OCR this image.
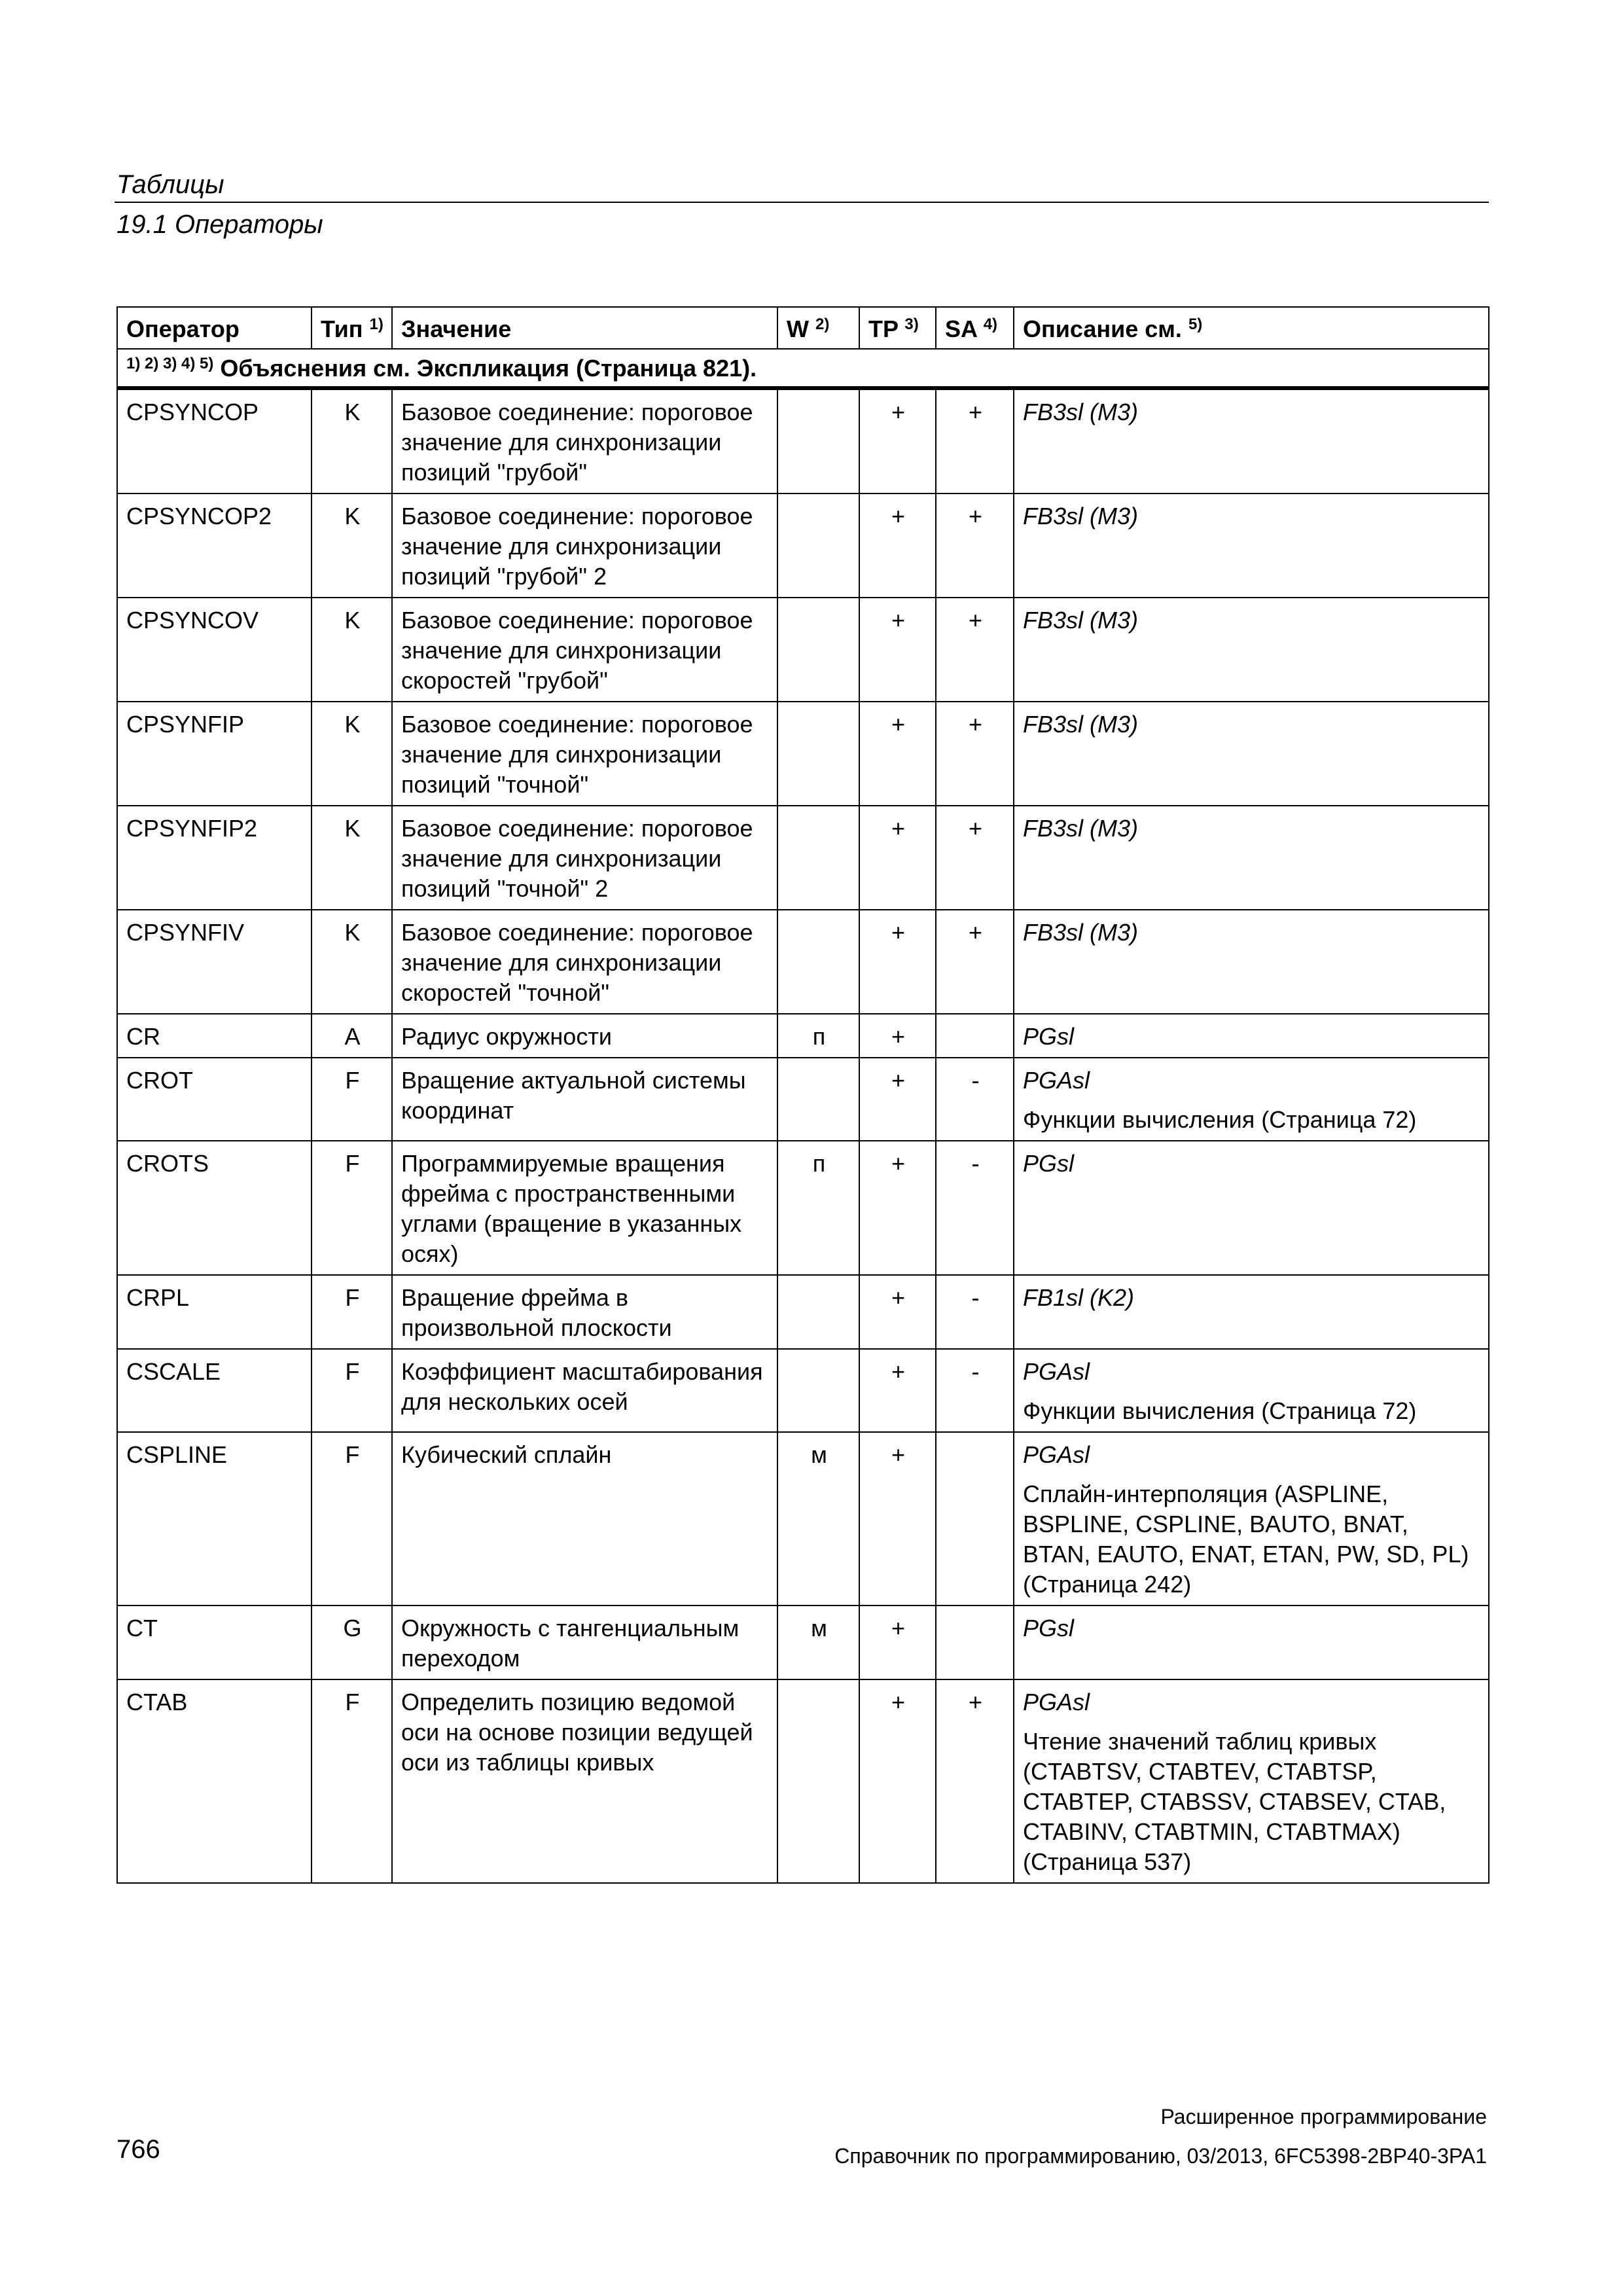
Таблицы
19.1 Операторы
Оператор	Тип $^{1)}$	Значение	W $^{2)}$	TP $^{3)}$	SA $^{4)}$	Описание см. $^{5)}$
$^{1) 2) 3) 4) 5)}$ Объяснения см. Экспликация (Страница 821).						
CPSYNCOP	K	Базовое соединение: пороговое значение для синхронизации позиций "грубой"		+	+	FB3sl (M3)

CPSYNCOP2	K	Базовое соединение: пороговое значение для синхронизации позиций "грубой" 2		+	+	FB3sl (M3)

CPSYNCOV	K	Базовое соединение: пороговое значение для синхронизации скоростей "грубой"		+	+	FB3sl (M3)

CPSYNFIP	K	Базовое соединение: пороговое значение для синхронизации позиций "точной"		+	+	FB3sl (M3)

CPSYNFIP2	K	Базовое соединение: пороговое значение для синхронизации позиций "точной" 2		+	+	FB3sl (M3)

CPSYNFIV	K	Базовое соединение: пороговое значение для синхронизации скоростей "точной"		+	+	FB3sl (M3)

CR	A	Радиус окружности	п	+		PGsl

CROT	F	Вращение актуальной системы координат		+	-	PGAsl
Функции вычисления (Страница 72)

CROTS	F	Программируемые вращения фрейма с пространственными углами (вращение в указанных осях)	п	+	-	PGsl

CRPL	F	Вращение фрейма в произвольной плоскости		+	-	FB1sl (K2)

CSCALE	F	Коэффициент масштабирования для нескольких осей		+	-	PGAsl
Функции вычисления (Страница 72)

CSPLINE	F	Кубический сплайн	м	+		PGAsl
Сплайн-интерполяция (ASPLINE, BSPLINE, CSPLINE, BAUTO, BNAT, BTAN, EAUTO, ENAT, ETAN, PW, SD, PL) (Страница 242)

CT	G	Окружность с тангенциальным переходом	м	+		PGsl

CTAB	F	Определить позицию ведомой оси на основе позиции ведущей оси из таблицы кривых		+	+	PGAsl
Чтение значений таблиц кривых (CTABTSV, CTABTEV, CTABTSP, CTABTEP, CTABSSV, CTABSEV, CTAB, CTABINV, CTABTMIN, CTABTMAX) (Страница 537)
Расширенное программирование
Справочник по программированию, 03/2013, 6FC5398-2BP40-3PA1
766
